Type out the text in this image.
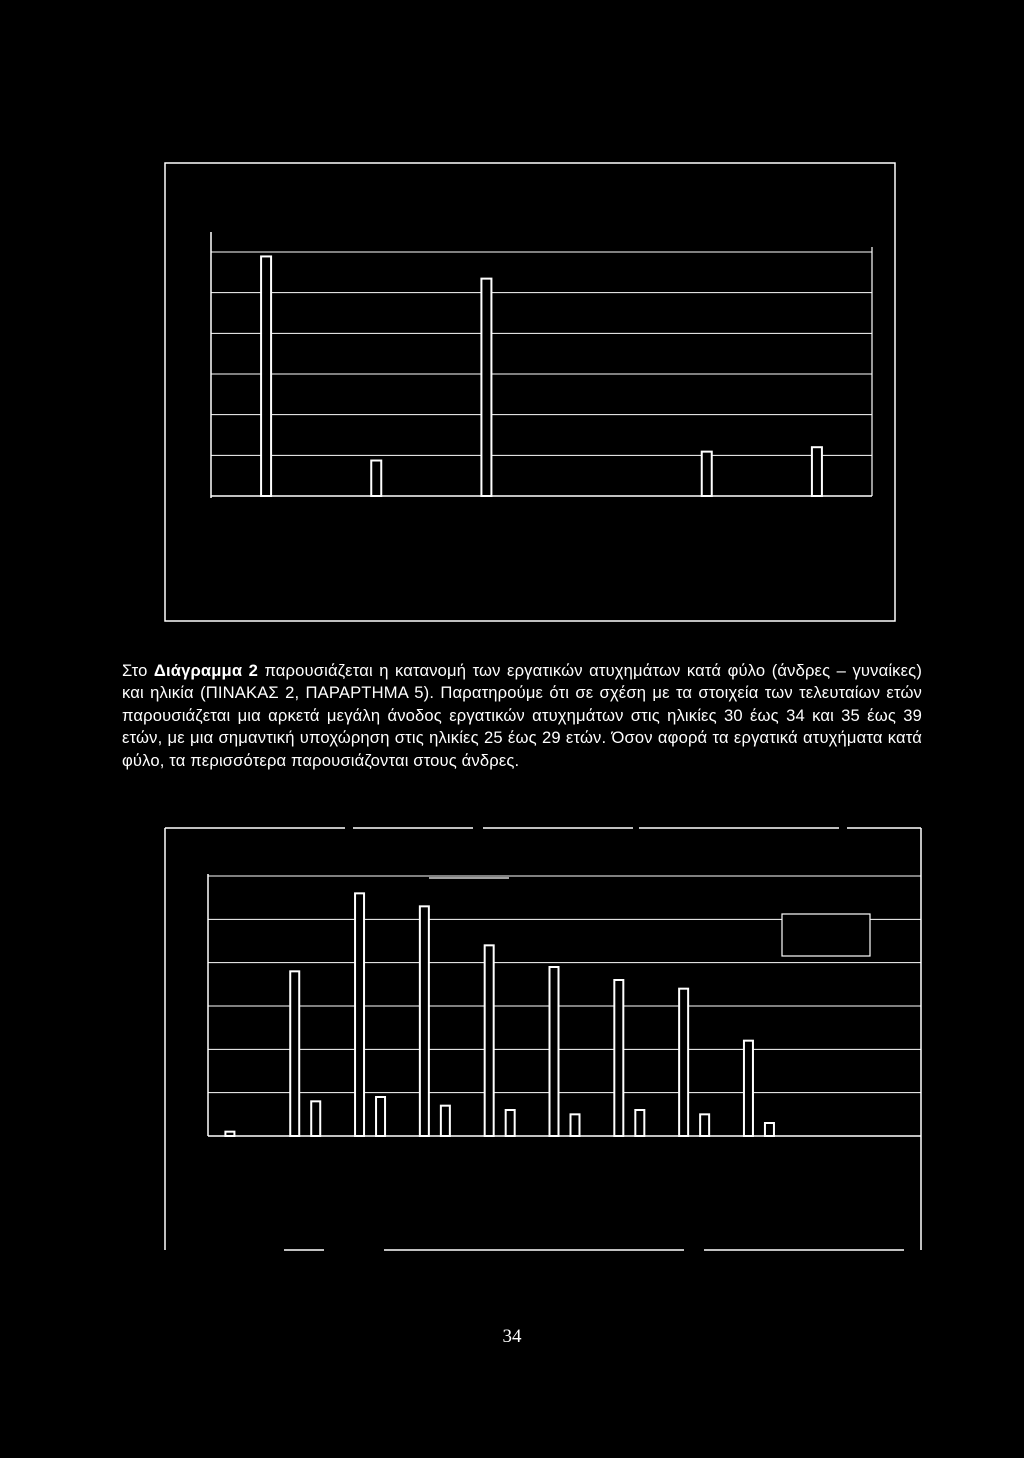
Στο Διάγραμμα 2 παρουσιάζεται η κατανομή των εργατικών ατυχημάτων κατά φύλο (άνδρες – γυναίκες) και ηλικία (ΠΙΝΑΚΑΣ 2, ΠΑΡΑΡΤΗΜΑ 5). Παρατηρούμε ότι σε σχέση με τα στοιχεία των τελευταίων ετών παρουσιάζεται μια αρκετά μεγάλη άνοδος εργατικών ατυχημάτων στις ηλικίες 30 έως 34 και 35 έως 39 ετών, με μια σημαντική υποχώρηση στις ηλικίες 25 έως 29 ετών. Όσον αφορά τα εργατικά ατυχήματα κατά φύλο, τα περισσότερα παρουσιάζονται στους άνδρες.
34
